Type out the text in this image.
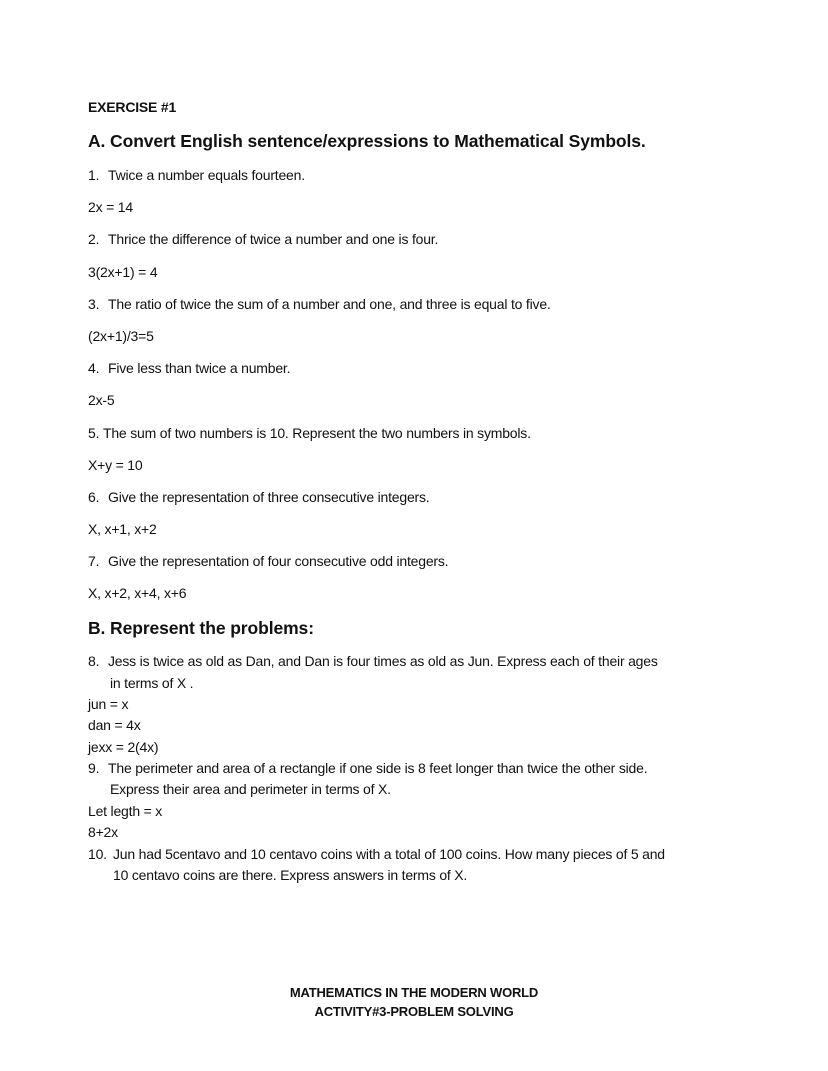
EXERCISE #1
A. Convert English sentence/expressions to Mathematical Symbols.
1. Twice a number equals fourteen.
2x = 14
2. Thrice the difference of twice a number and one is four.
3(2x+1) = 4
3. The ratio of twice the sum of a number and one, and three is equal to five.
(2x+1)/3=5
4. Five less than twice a number.
2x-5
5. The sum of two numbers is 10. Represent the two numbers in symbols.
X+y = 10
6. Give the representation of three consecutive integers.
X, x+1, x+2
7. Give the representation of four consecutive odd integers.
X, x+2, x+4, x+6
B. Represent the problems:
8. Jess is twice as old as Dan, and Dan is four times as old as Jun. Express each of their ages
in terms of X .
jun = x
dan = 4x
jexx = 2(4x)
9. The perimeter and area of a rectangle if one side is 8 feet longer than twice the other side.
Express their area and perimeter in terms of X.
Let legth = x
8+2x
10. Jun had 5centavo and 10 centavo coins with a total of 100 coins. How many pieces of 5 and
10 centavo coins are there. Express answers in terms of X.
MATHEMATICS IN THE MODERN WORLD
ACTIVITY#3-PROBLEM SOLVING
